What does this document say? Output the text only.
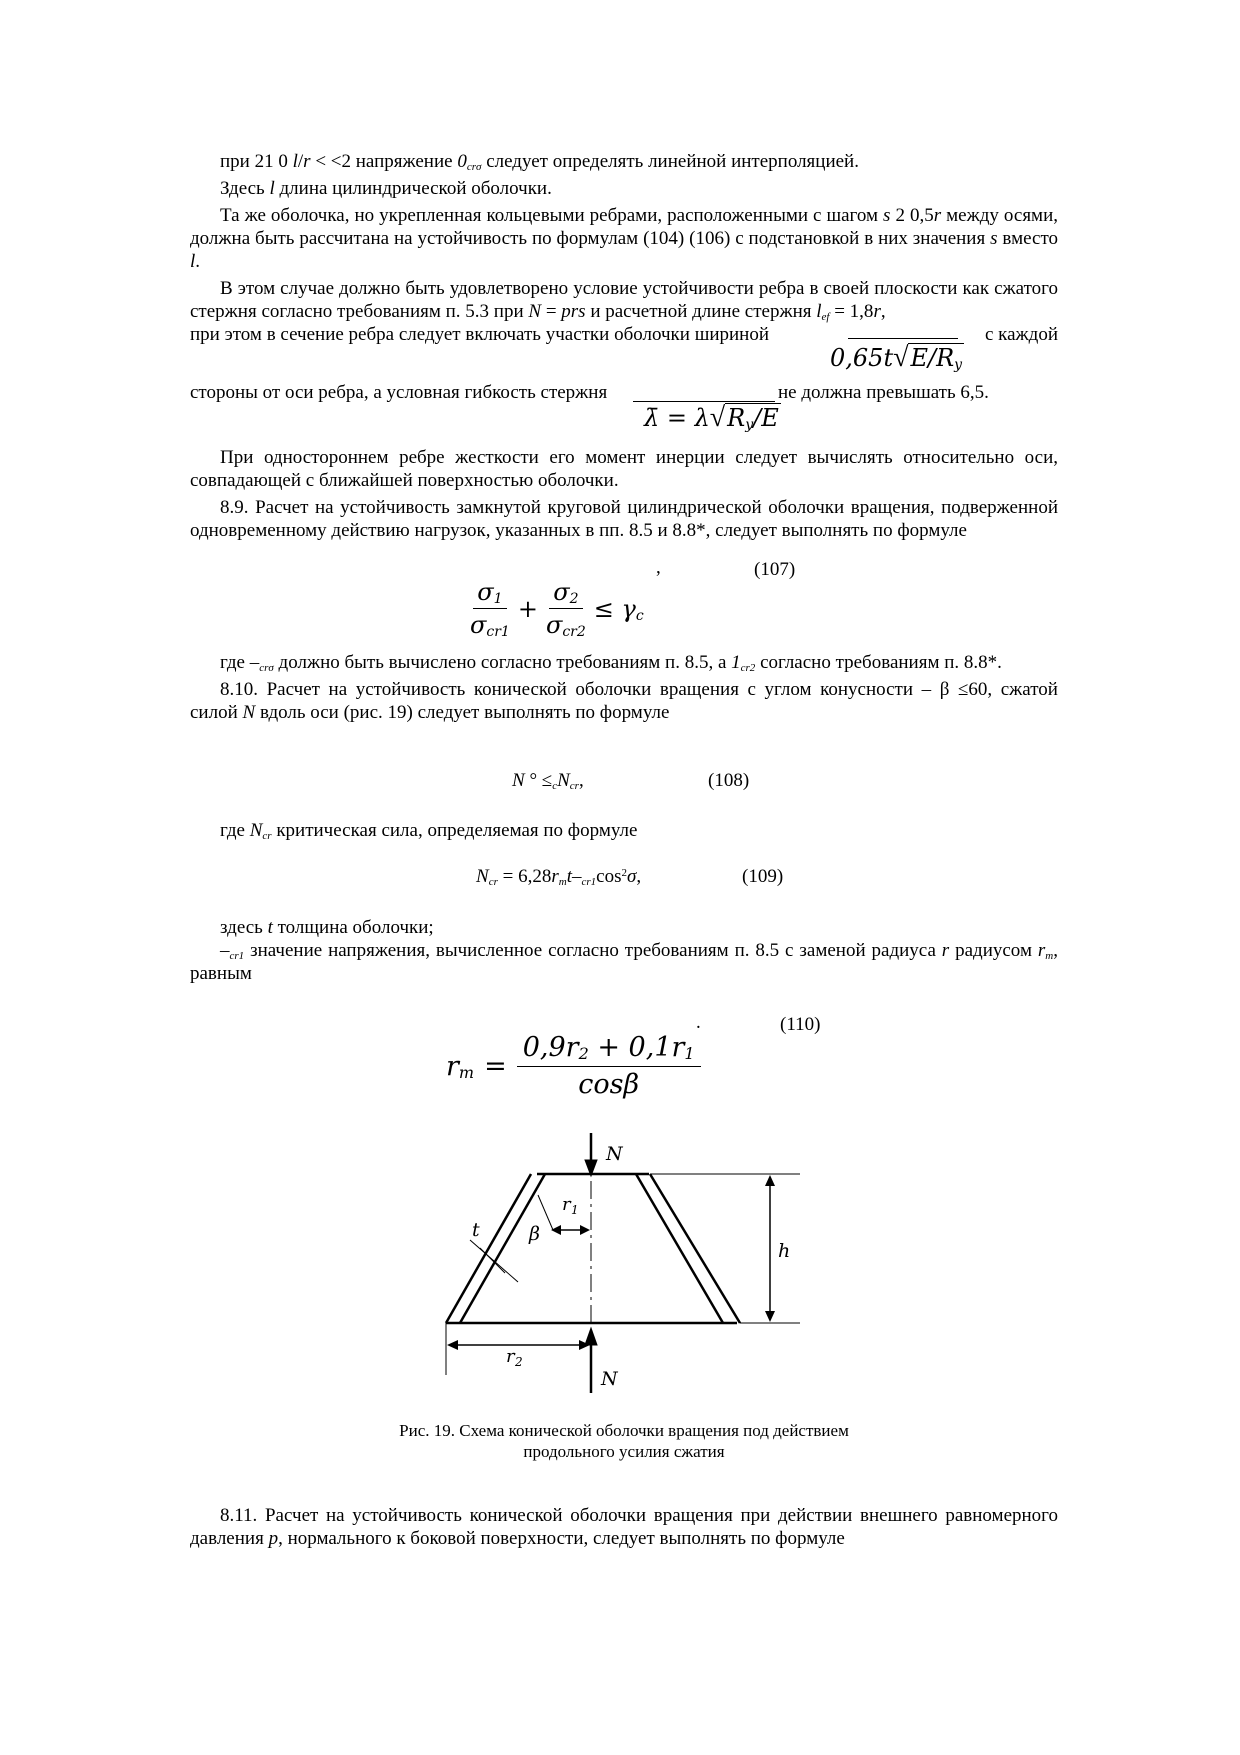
при 21 0 l/r < <2 напряжение $0_{cr\sigma}$ следует определять линейной интерполяцией.

Здесь l длина цилиндрической оболочки.

Та же оболочка, но укрепленная кольцевыми ребрами, расположенными с шагом s 2 0,5r между осями, должна быть рассчитана на устойчивость по формулам (104) (106) с подстановкой в них значения s вместо l.

В этом случае должно быть удовлетворено условие устойчивости ребра в своей плоскости как сжатого стержня согласно требованиям п. 5.3 при N = prs и расчетной длине стержня $l_{ef} = 1,8r$,

при этом в сечение ребра следует включать участки оболочки шириной	с каждой
$0,65t√E/R_y$
стороны от оси ребра, а условная гибкость стержня	не должна превышать 6,5.
λ̄ = $\lambda√R_y/E$

При одностороннем ребре жесткости его момент инерции следует вычислять относительно оси, совпадающей с ближайшей поверхностью оболочки.

8.9. Расчет на устойчивость замкнутой круговой цилиндрической оболочки вращения, подверженной одновременному действию нагрузок, указанных в пп. 8.5 и 8.8*, следует выполнять по формуле

,	(107)
$\frac{\sigma_1}{\sigma_{cr1}} + \frac{\sigma_2}{\sigma_{cr2}} \le \gamma_c$

где $-_{cr\sigma}$ должно быть вычислено согласно требованиям п. 8.5, а $1_{cr2}$ согласно требованиям п. 8.8*.

8.10. Расчет на устойчивость конической оболочки вращения с углом конусности – β ≤60, сжатой силой N вдоль оси (рис. 19) следует выполнять по формуле

N ° $\le_cN_{cr}$,	(108)
где $N_{cr}$ критическая сила, определяемая по формуле
$N_{cr} = 6,28r_mt-_{cr1}\cos^2\sigma$,	(109)

здесь t толщина оболочки;

$-_{cr1}$ значение напряжения, вычисленное согласно требованиям п. 8.5 с заменой радиуса r радиусом $r_m$, равным

.	(110)
$r_m = \frac{0,9r_2 + 0,1r_1}{\cos\beta}$
N
N
h
t	β
r 1
r 2
Рис. 19. Схема конической оболочки вращения под действием
продольного усилия сжатия

8.11. Расчет на устойчивость конической оболочки вращения при действии внешнего равномерного давления p, нормального к боковой поверхности, следует выполнять по формуле
